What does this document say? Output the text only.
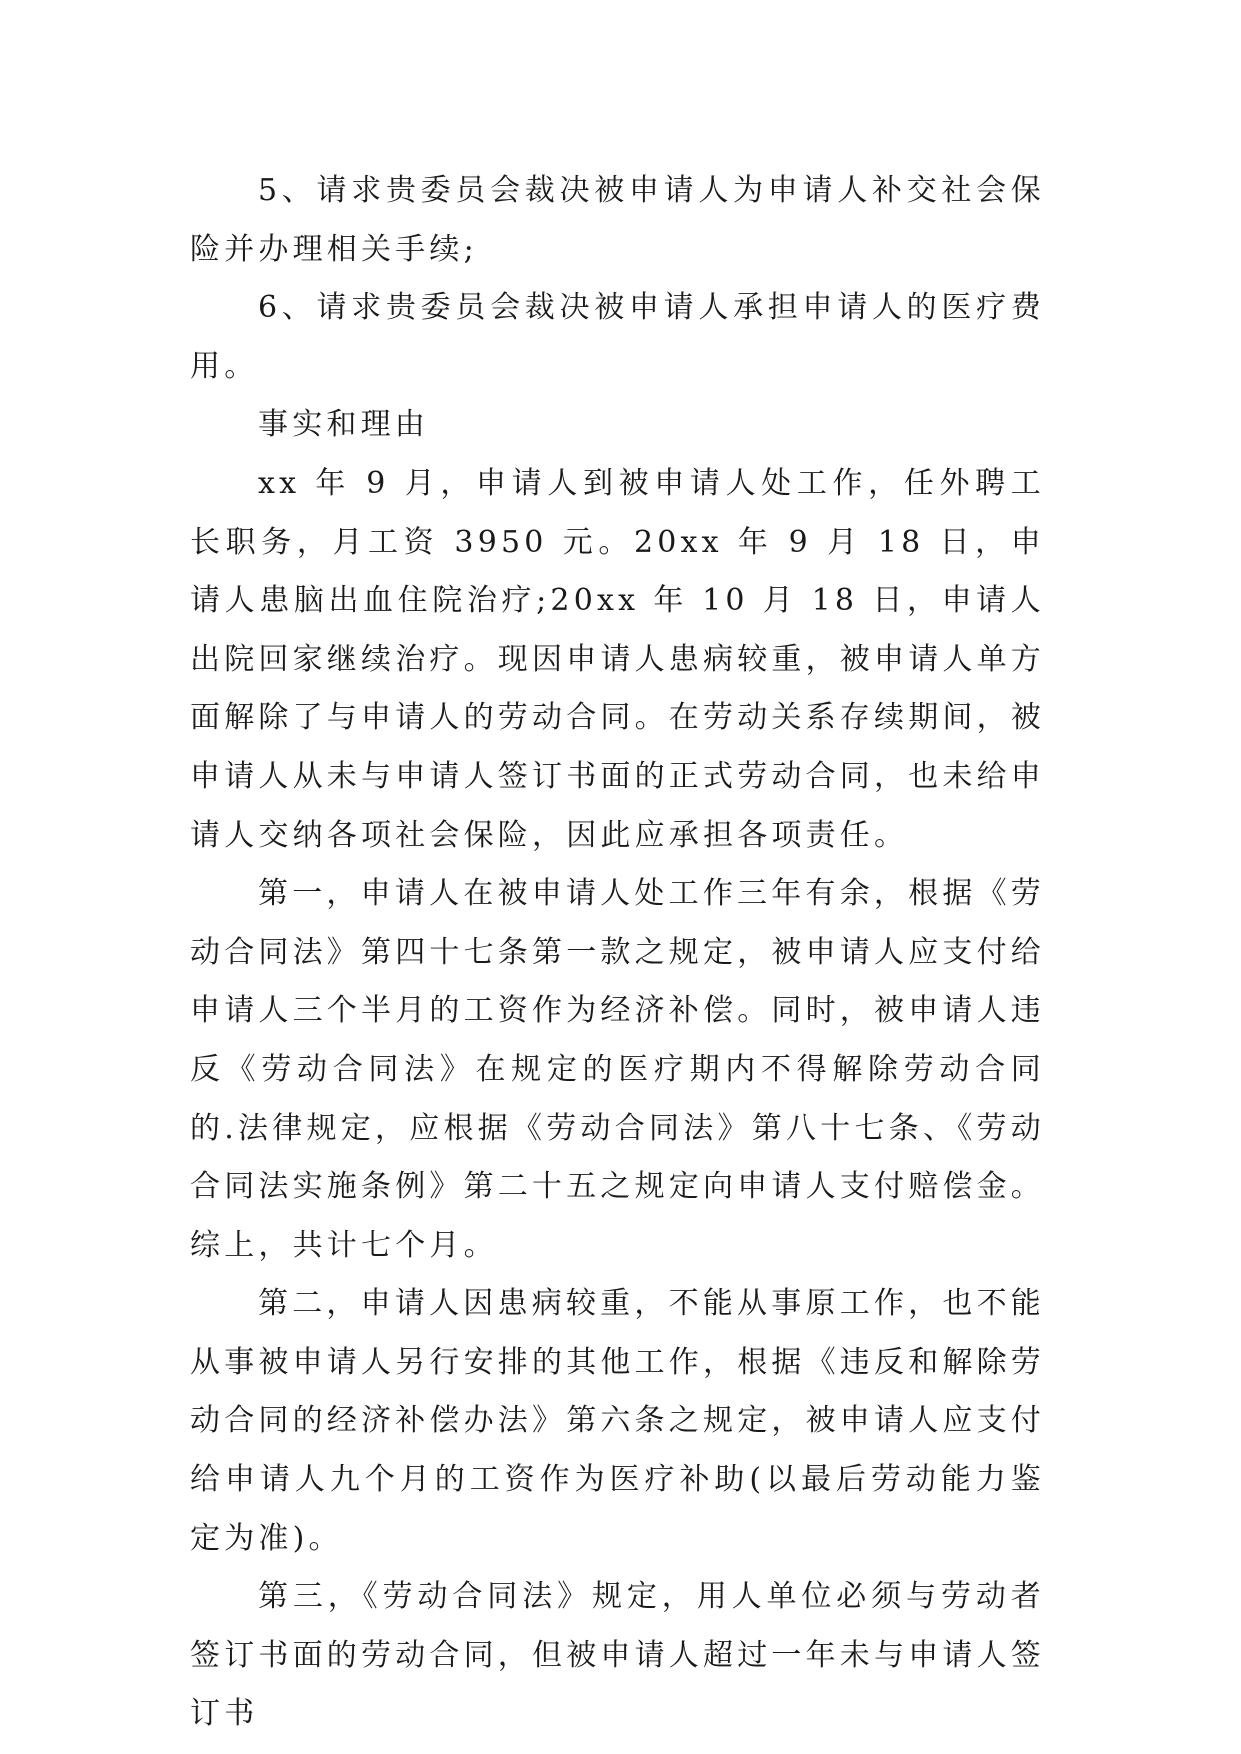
5、请求贵委员会裁决被申请人为申请人补交社会保险并办理相关手续;

6、请求贵委员会裁决被申请人承担申请人的医疗费用。

事实和理由

xx 年 9 月，申请人到被申请人处工作，任外聘工长职务，月工资 3950 元。20xx 年 9 月 18 日，申请人患脑出血住院治疗;20xx 年 10 月 18 日，申请人出院回家继续治疗。现因申请人患病较重，被申请人单方面解除了与申请人的劳动合同。在劳动关系存续期间，被申请人从未与申请人签订书面的正式劳动合同，也未给申请人交纳各项社会保险，因此应承担各项责任。

第一，申请人在被申请人处工作三年有余，根据《劳动合同法》第四十七条第一款之规定，被申请人应支付给申请人三个半月的工资作为经济补偿。同时，被申请人违反《劳动合同法》在规定的医疗期内不得解除劳动合同的.法律规定，应根据《劳动合同法》第八十七条、《劳动合同法实施条例》第二十五之规定向申请人支付赔偿金。综上，共计七个月。

第二，申请人因患病较重，不能从事原工作，也不能从事被申请人另行安排的其他工作，根据《违反和解除劳动合同的经济补偿办法》第六条之规定，被申请人应支付给申请人九个月的工资作为医疗补助(以最后劳动能力鉴定为准)。

第三，《劳动合同法》规定，用人单位必须与劳动者签订书面的劳动合同，但被申请人超过一年未与申请人签订书
